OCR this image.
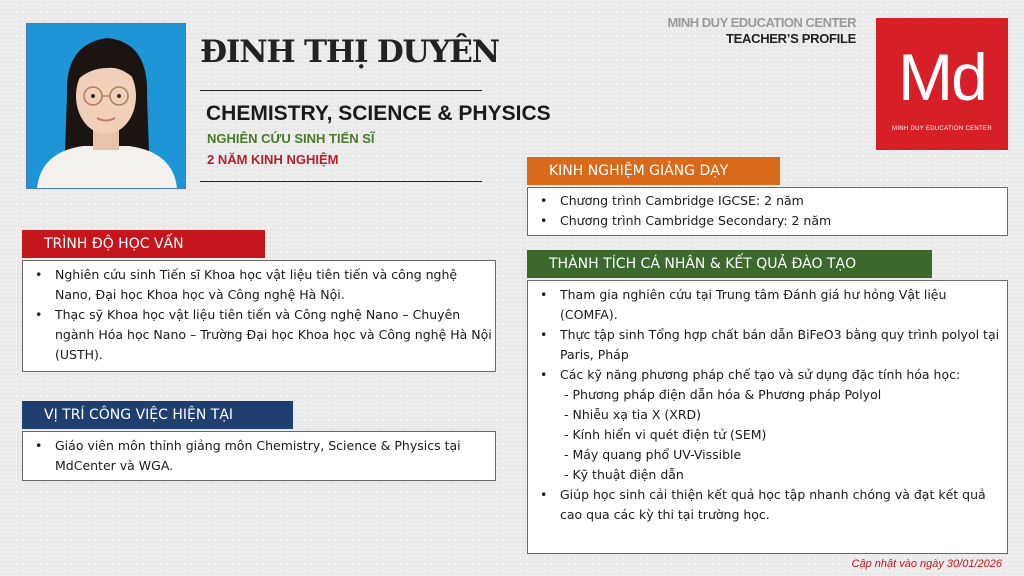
ĐINH THỊ DUYÊN
CHEMISTRY, SCIENCE & PHYSICS
NGHIÊN CỨU SINH TIẾN SĨ
2 NĂM KINH NGHIỆM
MINH DUY EDUCATION CENTER
TEACHER’S PROFILE
Md
MINH DUY EDUCATION CENTER
TRÌNH ĐỘ HỌC VẤN
• Nghiên cứu sinh Tiến sĩ Khoa học vật liệu tiên tiến và công nghệ Nano, Đại học Khoa học và Công nghệ Hà Nội.
• Thạc sỹ Khoa học vật liệu tiên tiến và Công nghệ Nano – Chuyên ngành Hóa học Nano – Trường Đại học Khoa học và Công nghệ Hà Nội (USTH).
VỊ TRÍ CÔNG VIỆC HIỆN TẠI
• Giáo viên môn thỉnh giảng môn Chemistry, Science & Physics tại MdCenter và WGA.
KINH NGHIỆM GIẢNG DẠY
• Chương trình Cambridge IGCSE: 2 năm
• Chương trình Cambridge Secondary: 2 năm
THÀNH TÍCH CÁ NHÂN & KẾT QUẢ ĐÀO TẠO
• Tham gia nghiên cứu tại Trung tâm Đánh giá hư hỏng Vật liệu (COMFA).
• Thực tập sinh Tổng hợp chất bán dẫn BiFeO3 bằng quy trình polyol tại Paris, Pháp
• Các kỹ năng phương pháp chế tạo và sử dụng đặc tính hóa học:
- Phương pháp điện dẫn hóa & Phương pháp Polyol
- Nhiễu xạ tia X (XRD)
- Kính hiển vi quét điện tử (SEM)
- Máy quang phổ UV-Vissible
- Kỹ thuật điện dẫn
• Giúp học sinh cải thiện kết quả học tập nhanh chóng và đạt kết quả cao qua các kỳ thi tại trường học.
Cập nhật vào ngày 30/01/2026
